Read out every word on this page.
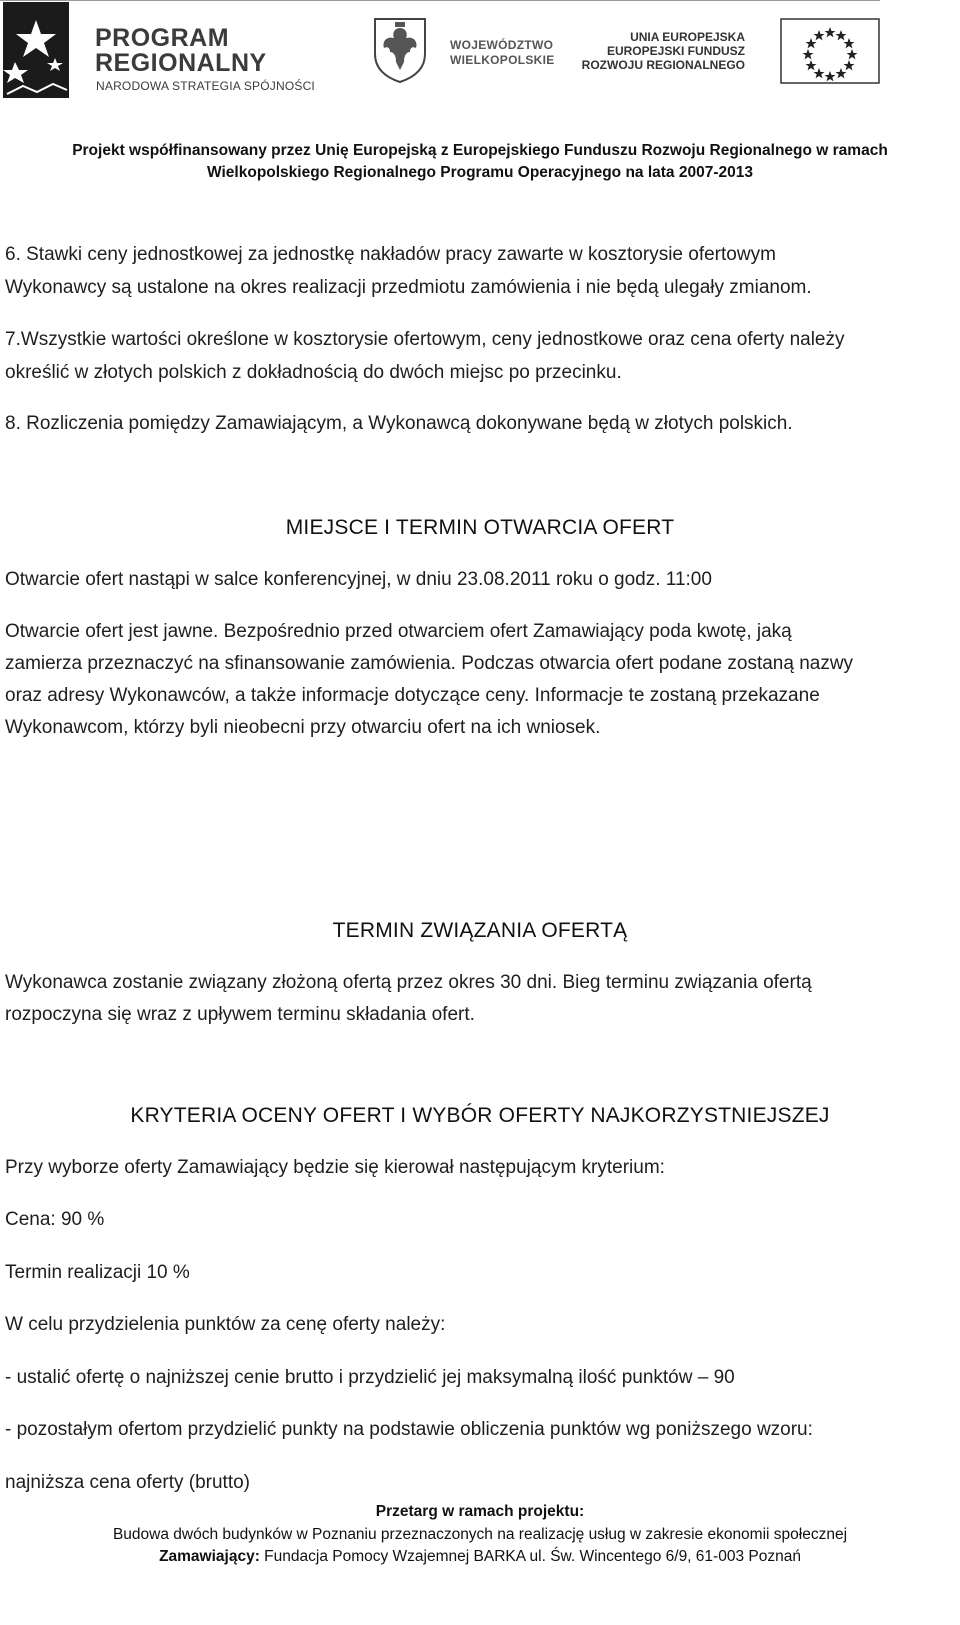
PROGRAM
REGIONALNY
NARODOWA STRATEGIA SPÓJNOŚCI
WOJEWÓDZTWO
WIELKOPOLSKIE
UNIA EUROPEJSKA
EUROPEJSKI FUNDUSZ
ROZWOJU REGIONALNEGO
Projekt współfinansowany przez Unię Europejską z Europejskiego Funduszu Rozwoju Regionalnego w ramach
Wielkopolskiego Regionalnego Programu Operacyjnego na lata 2007-2013
6. Stawki ceny jednostkowej za jednostkę nakładów pracy zawarte w kosztorysie ofertowym
Wykonawcy są ustalone na okres realizacji przedmiotu zamówienia i nie będą ulegały zmianom.
7.Wszystkie wartości określone w kosztorysie ofertowym, ceny jednostkowe oraz cena oferty należy
określić w złotych polskich z dokładnością do dwóch miejsc po przecinku.
8. Rozliczenia pomiędzy Zamawiającym, a Wykonawcą dokonywane będą w złotych polskich.
MIEJSCE I TERMIN OTWARCIA OFERT
Otwarcie ofert nastąpi w salce konferencyjnej, w dniu 23.08.2011 roku o godz. 11:00
Otwarcie ofert jest jawne. Bezpośrednio przed otwarciem ofert Zamawiający poda kwotę, jaką
zamierza przeznaczyć na sfinansowanie zamówienia. Podczas otwarcia ofert podane zostaną nazwy
oraz adresy Wykonawców, a także informacje dotyczące ceny. Informacje te zostaną przekazane
Wykonawcom, którzy byli nieobecni przy otwarciu ofert na ich wniosek.
TERMIN ZWIĄZANIA OFERTĄ
Wykonawca zostanie związany złożoną ofertą przez okres 30 dni. Bieg terminu związania ofertą
rozpoczyna się wraz z upływem terminu składania ofert.
KRYTERIA OCENY OFERT I WYBÓR OFERTY NAJKORZYSTNIEJSZEJ
Przy wyborze oferty Zamawiający będzie się kierował następującym kryterium:
Cena: 90 %
Termin realizacji 10 %
W celu przydzielenia punktów za cenę oferty należy:
- ustalić ofertę o najniższej cenie brutto i przydzielić jej maksymalną ilość punktów – 90
- pozostałym ofertom przydzielić punkty na podstawie obliczenia punktów wg poniższego wzoru:
najniższa cena oferty (brutto)
Przetarg w ramach projektu:
Budowa dwóch budynków w Poznaniu przeznaczonych na realizację usług w zakresie ekonomii społecznej
Zamawiający: Fundacja Pomocy Wzajemnej BARKA ul. Św. Wincentego 6/9, 61-003 Poznań
